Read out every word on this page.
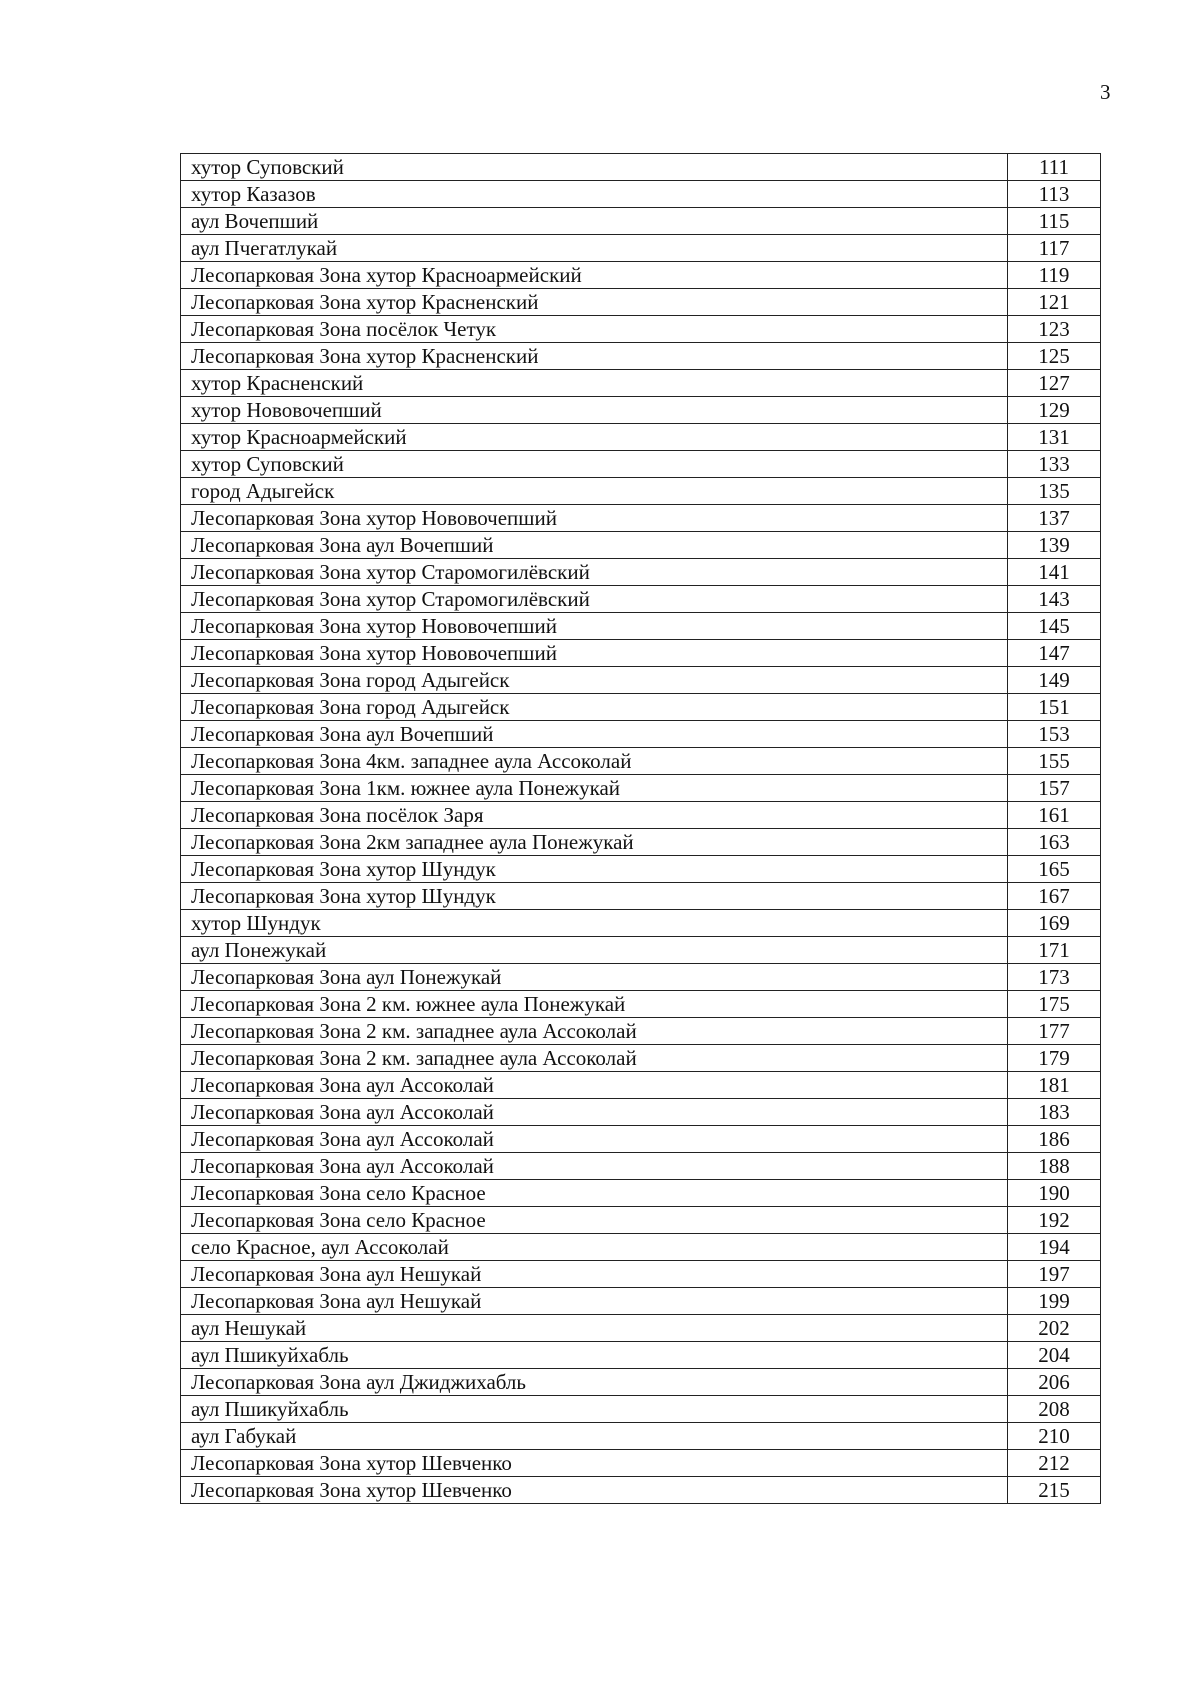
3
хутор Суповский	111
хутор Казазов	113
аул Вочепший	115
аул Пчегатлукай	117
Лесопарковая Зона хутор Красноармейский	119
Лесопарковая Зона хутор Красненский	121
Лесопарковая Зона посёлок Четук	123
Лесопарковая Зона хутор Красненский	125
хутор Красненский	127
хутор Нововочепший	129
хутор Красноармейский	131
хутор Суповский	133
город Адыгейск	135
Лесопарковая Зона хутор Нововочепший	137
Лесопарковая Зона аул Вочепший	139
Лесопарковая Зона хутор Старомогилёвский	141
Лесопарковая Зона хутор Старомогилёвский	143
Лесопарковая Зона хутор Нововочепший	145
Лесопарковая Зона хутор Нововочепший	147
Лесопарковая Зона город Адыгейск	149
Лесопарковая Зона город Адыгейск	151
Лесопарковая Зона аул Вочепший	153
Лесопарковая Зона 4км. западнее аула Ассоколай	155
Лесопарковая Зона 1км. южнее аула Понежукай	157
Лесопарковая Зона посёлок Заря	161
Лесопарковая Зона 2км западнее аула Понежукай	163
Лесопарковая Зона хутор Шундук	165
Лесопарковая Зона хутор Шундук	167
хутор Шундук	169
аул Понежукай	171
Лесопарковая Зона аул Понежукай	173
Лесопарковая Зона 2 км. южнее аула Понежукай	175
Лесопарковая Зона 2 км. западнее аула Ассоколай	177
Лесопарковая Зона 2 км. западнее аула Ассоколай	179
Лесопарковая Зона аул Ассоколай	181
Лесопарковая Зона аул Ассоколай	183
Лесопарковая Зона аул Ассоколай	186
Лесопарковая Зона аул Ассоколай	188
Лесопарковая Зона село Красное	190
Лесопарковая Зона село Красное	192
село Красное, аул Ассоколай	194
Лесопарковая Зона аул Нешукай	197
Лесопарковая Зона аул Нешукай	199
аул Нешукай	202
аул Пшикуйхабль	204
Лесопарковая Зона аул Джиджихабль	206
аул Пшикуйхабль	208
аул Габукай	210
Лесопарковая Зона хутор Шевченко	212
Лесопарковая Зона хутор Шевченко	215
